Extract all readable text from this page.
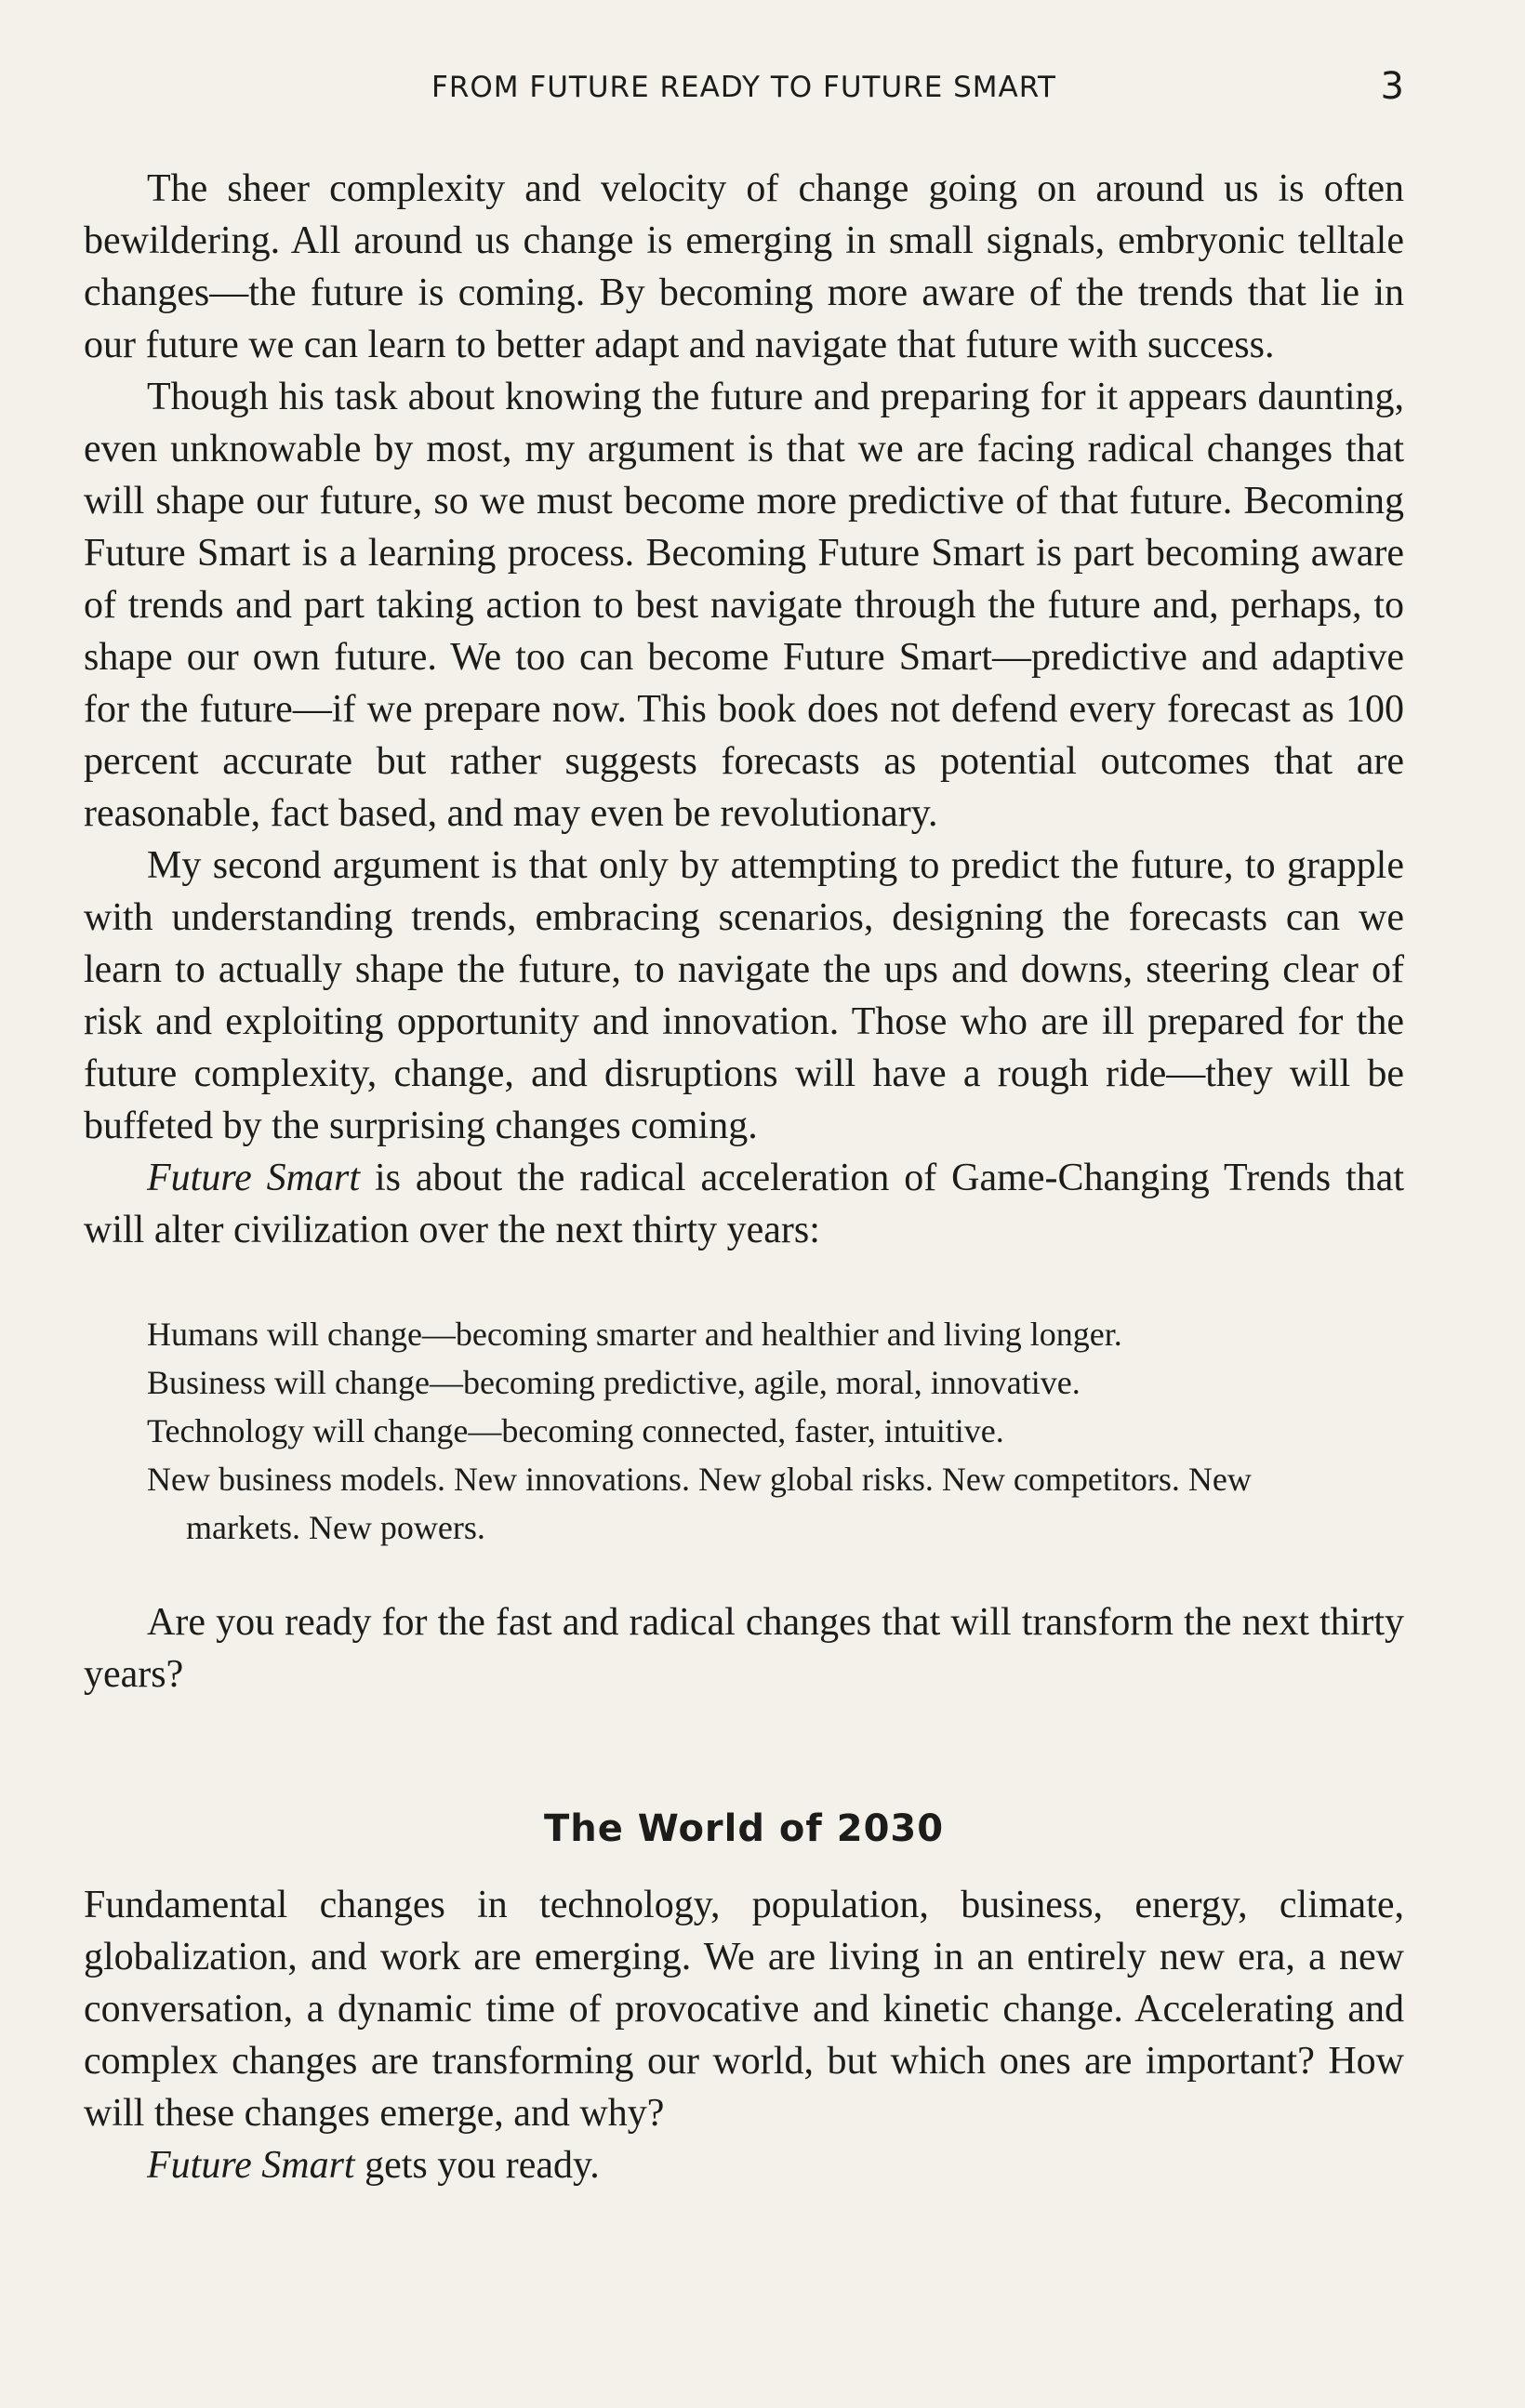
FROM FUTURE READY TO FUTURE SMART	3

The sheer complexity and velocity of change going on around us is often bewildering. All around us change is emerging in small signals, embryonic telltale changes—the future is coming. By becoming more aware of the trends that lie in our future we can learn to better adapt and navigate that future with success.

Though his task about knowing the future and preparing for it appears daunting, even unknowable by most, my argument is that we are facing radical changes that will shape our future, so we must become more predictive of that future. Becoming Future Smart is a learning process. Becoming Future Smart is part becoming aware of trends and part taking action to best navigate through the future and, perhaps, to shape our own future. We too can become Future Smart—predictive and adaptive for the future—if we prepare now. This book does not defend every forecast as 100 percent accurate but rather suggests forecasts as potential outcomes that are reasonable, fact based, and may even be revolutionary.

My second argument is that only by attempting to predict the future, to grapple with understanding trends, embracing scenarios, designing the forecasts can we learn to actually shape the future, to navigate the ups and downs, steering clear of risk and exploiting opportunity and innovation. Those who are ill prepared for the future complexity, change, and disruptions will have a rough ride—they will be buffeted by the surprising changes coming.

Future Smart is about the radical acceleration of Game-Changing Trends that will alter civilization over the next thirty years:

Humans will change—becoming smarter and healthier and living longer.
Business will change—becoming predictive, agile, moral, innovative.
Technology will change—becoming connected, faster, intuitive.
New business models. New innovations. New global risks. New competitors. New markets. New powers.

Are you ready for the fast and radical changes that will transform the next thirty years?

The World of 2030

Fundamental changes in technology, population, business, energy, climate, globalization, and work are emerging. We are living in an entirely new era, a new conversation, a dynamic time of provocative and kinetic change. Accelerating and complex changes are transforming our world, but which ones are important? How will these changes emerge, and why?

Future Smart gets you ready.
